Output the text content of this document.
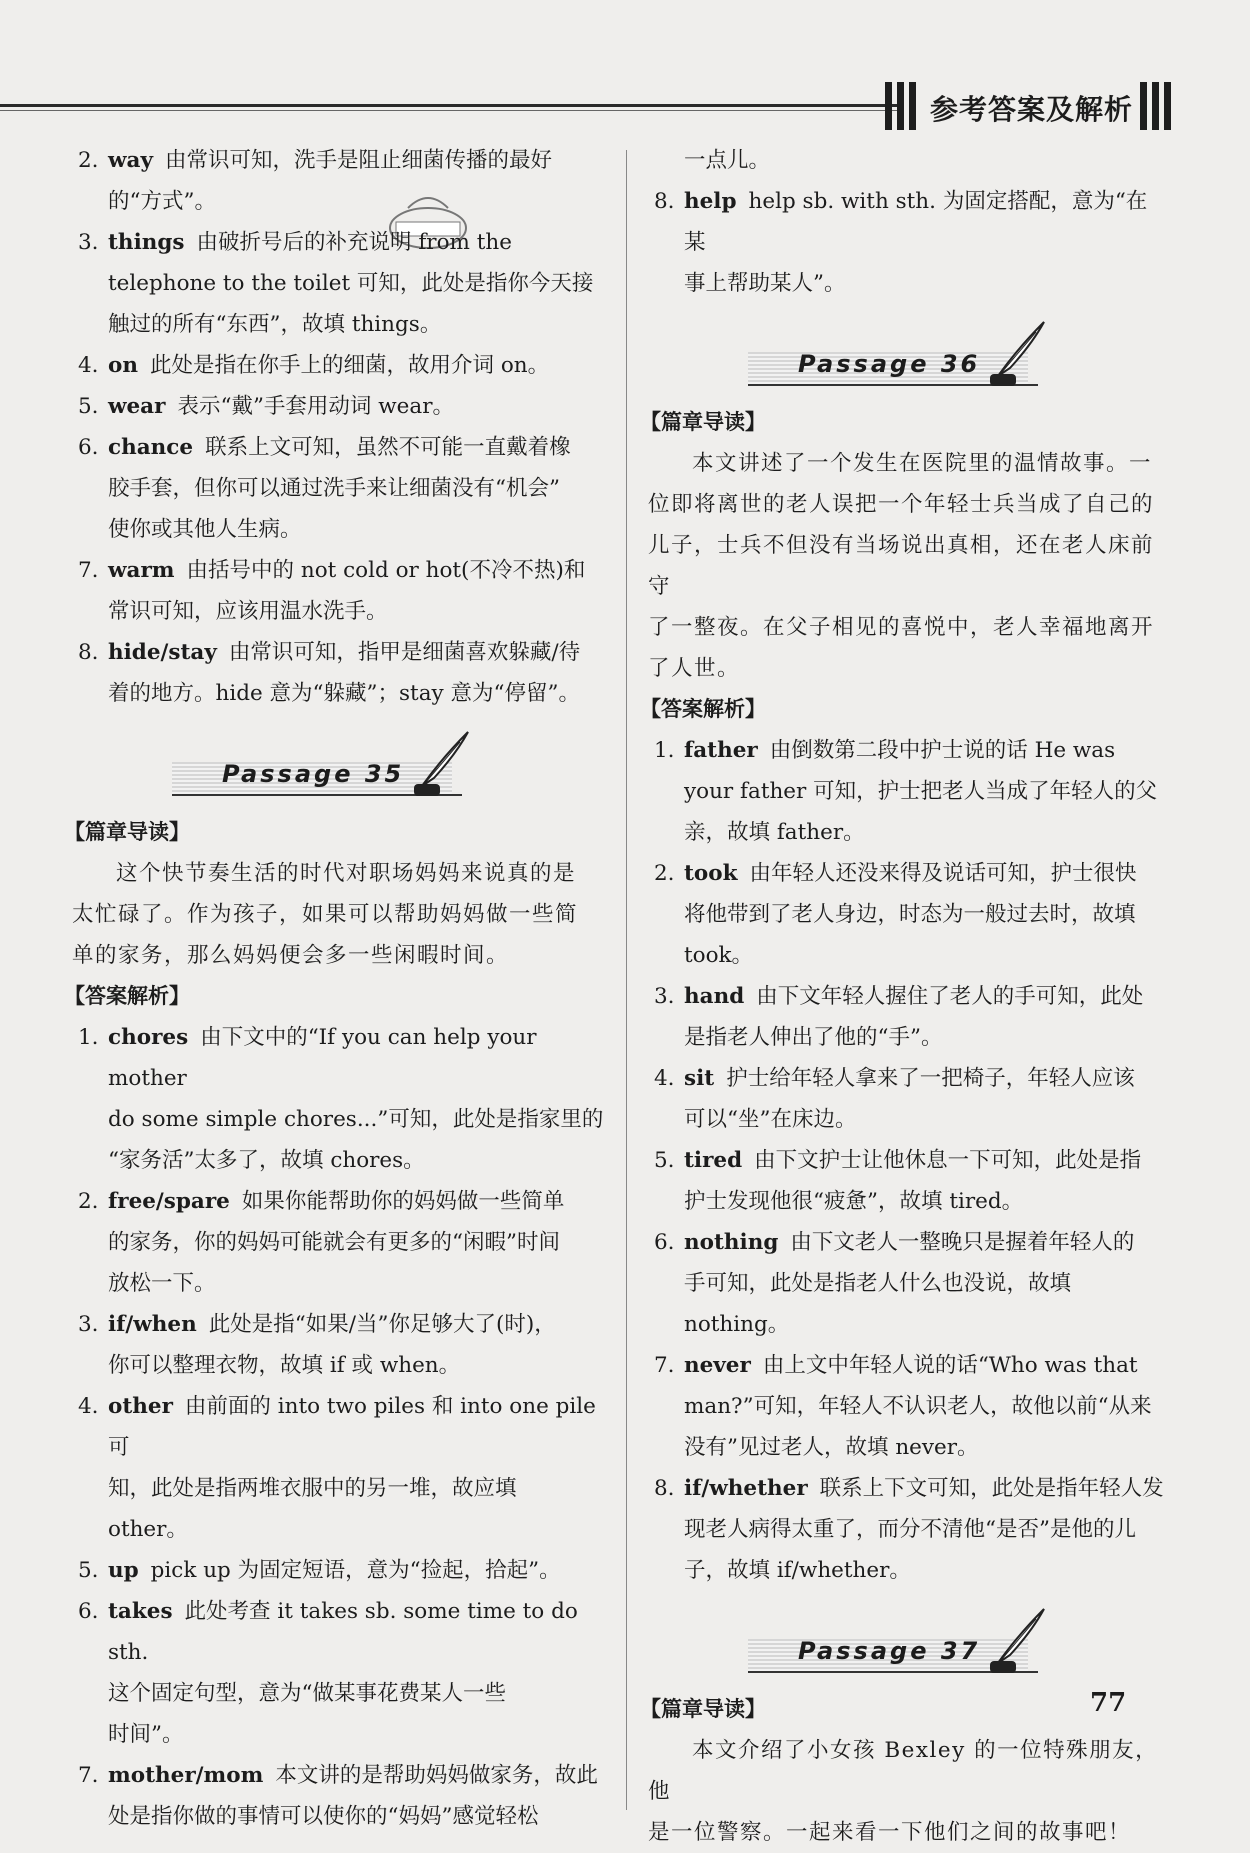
参考答案及解析
2. way 由常识可知，洗手是阻止细菌传播的最好
的“方式”。
3. things 由破折号后的补充说明 from the
telephone to the toilet 可知，此处是指你今天接
触过的所有“东西”，故填 things。
4. on 此处是指在你手上的细菌，故用介词 on。
5. wear 表示“戴”手套用动词 wear。
6. chance 联系上文可知，虽然不可能一直戴着橡
胶手套，但你可以通过洗手来让细菌没有“机会”
使你或其他人生病。
7. warm 由括号中的 not cold or hot(不冷不热)和
常识可知，应该用温水洗手。
8. hide/stay 由常识可知，指甲是细菌喜欢躲藏/待
着的地方。hide 意为“躲藏”；stay 意为“停留”。
Passage 35
【篇章导读】
这个快节奏生活的时代对职场妈妈来说真的是
太忙碌了。作为孩子，如果可以帮助妈妈做一些简
单的家务，那么妈妈便会多一些闲暇时间。
【答案解析】
1. chores 由下文中的“If you can help your mother
do some simple chores...”可知，此处是指家里的
“家务活”太多了，故填 chores。
2. free/spare 如果你能帮助你的妈妈做一些简单
的家务，你的妈妈可能就会有更多的“闲暇”时间
放松一下。
3. if/when 此处是指“如果/当”你足够大了(时)，
你可以整理衣物，故填 if 或 when。
4. other 由前面的 into two piles 和 into one pile 可
知，此处是指两堆衣服中的另一堆，故应填
other。
5. up pick up 为固定短语，意为“捡起，拾起”。
6. takes 此处考查 it takes sb. some time to do sth.
这个固定句型，意为“做某事花费某人一些
时间”。
7. mother/mom 本文讲的是帮助妈妈做家务，故此
处是指你做的事情可以使你的“妈妈”感觉轻松
一点儿。
8. help help sb. with sth. 为固定搭配，意为“在某
事上帮助某人”。
Passage 36
【篇章导读】
本文讲述了一个发生在医院里的温情故事。一
位即将离世的老人误把一个年轻士兵当成了自己的
儿子，士兵不但没有当场说出真相，还在老人床前守
了一整夜。在父子相见的喜悦中，老人幸福地离开
了人世。
【答案解析】
1. father 由倒数第二段中护士说的话 He was
your father 可知，护士把老人当成了年轻人的父
亲，故填 father。
2. took 由年轻人还没来得及说话可知，护士很快
将他带到了老人身边，时态为一般过去时，故填
took。
3. hand 由下文年轻人握住了老人的手可知，此处
是指老人伸出了他的“手”。
4. sit 护士给年轻人拿来了一把椅子，年轻人应该
可以“坐”在床边。
5. tired 由下文护士让他休息一下可知，此处是指
护士发现他很“疲惫”，故填 tired。
6. nothing 由下文老人一整晚只是握着年轻人的
手可知，此处是指老人什么也没说，故填 nothing。
7. never 由上文中年轻人说的话“Who was that
man?”可知，年轻人不认识老人，故他以前“从来
没有”见过老人，故填 never。
8. if/whether 联系上下文可知，此处是指年轻人发
现老人病得太重了，而分不清他“是否”是他的儿
子，故填 if/whether。
Passage 37
【篇章导读】
本文介绍了小女孩 Bexley 的一位特殊朋友，他
是一位警察。一起来看一下他们之间的故事吧！
77
